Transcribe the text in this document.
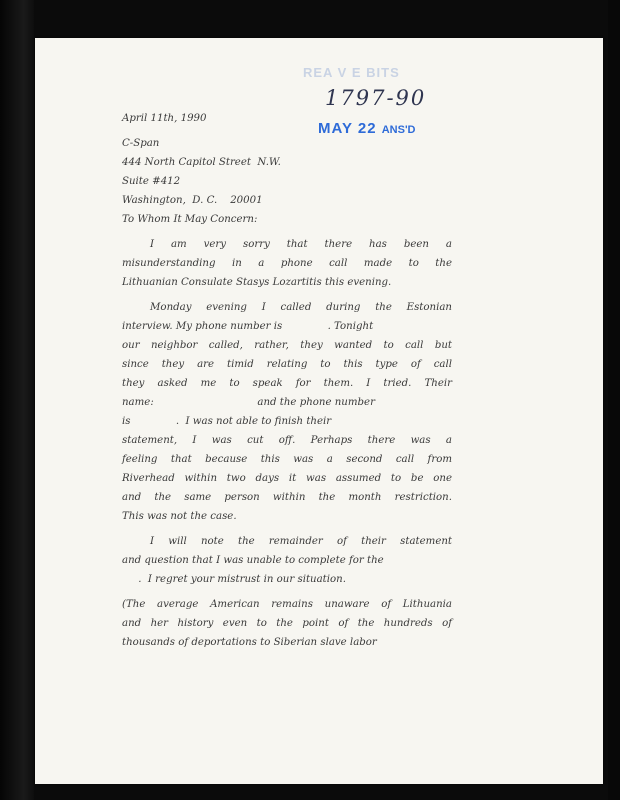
REA V E BITS
1797-90
MAY 22 ANS'D
April 11th, 1990
C-Span
444 North Capitol Street  N.W.
Suite #412
Washington,  D. C.    20001
To Whom It May Concern:
I am very sorry that there has been a
misunderstanding in a phone call made to the
Lithuanian Consulate Stasys Lozartitis this evening.
Monday evening I called during the Estonian
interview. My phone number is              . Tonight
our neighbor called, rather, they wanted to call but
since they are timid relating to this type of call
they asked me to speak for them. I tried. Their
name:                                and the phone number
is              .  I was not able to finish their
statement, I was cut off. Perhaps there was a
feeling that because this was a second call from
Riverhead within two days it was assumed to be one
and the same person within the month restriction.
This was not the case.
I will note the remainder of their statement
and question that I was unable to complete for the
.  I regret your mistrust in our situation.
(The average American remains unaware of Lithuania
and her history even to the point of the hundreds of
thousands of deportations to Siberian slave labor
